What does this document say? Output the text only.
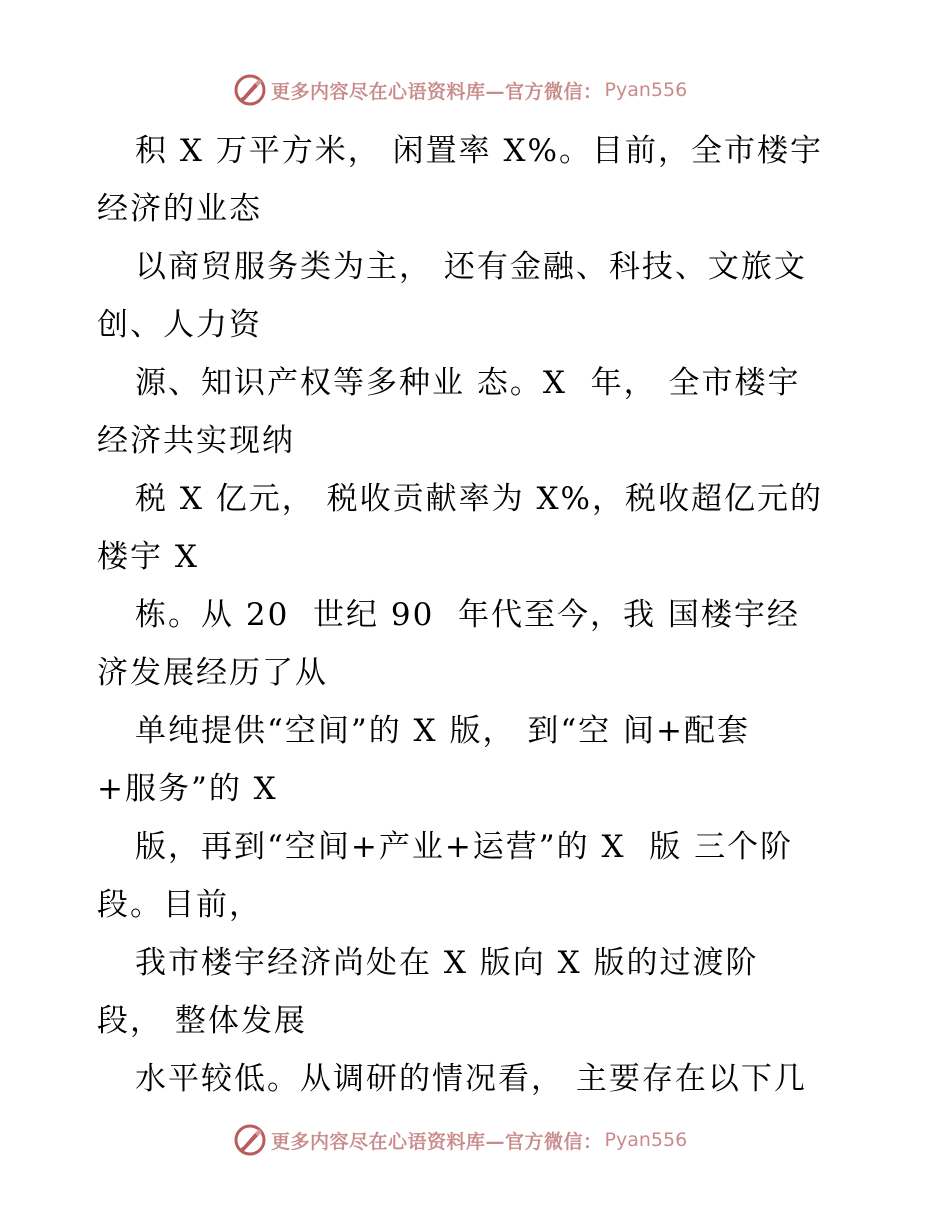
更多内容尽在心语资料库—官方微信： Pyan556
积 X 万平方米， 闲置率 X%。目前，全市楼宇
经济的业态
以商贸服务类为主， 还有金融、科技、文旅文
创、人力资
源、知识产权等多种业 态。X  年， 全市楼宇
经济共实现纳
税 X 亿元， 税收贡献率为 X%，税收超亿元的
楼宇 X
栋。从 20  世纪 90  年代至今，我 国楼宇经
济发展经历了从
单纯提供“空间”的 X 版， 到“空 间+配套
+服务”的 X
版，再到“空间+产业+运营”的 X  版 三个阶
段。目前，
我市楼宇经济尚处在 X 版向 X 版的过渡阶
段， 整体发展
水平较低。从调研的情况看， 主要存在以下几
更多内容尽在心语资料库—官方微信： Pyan556
